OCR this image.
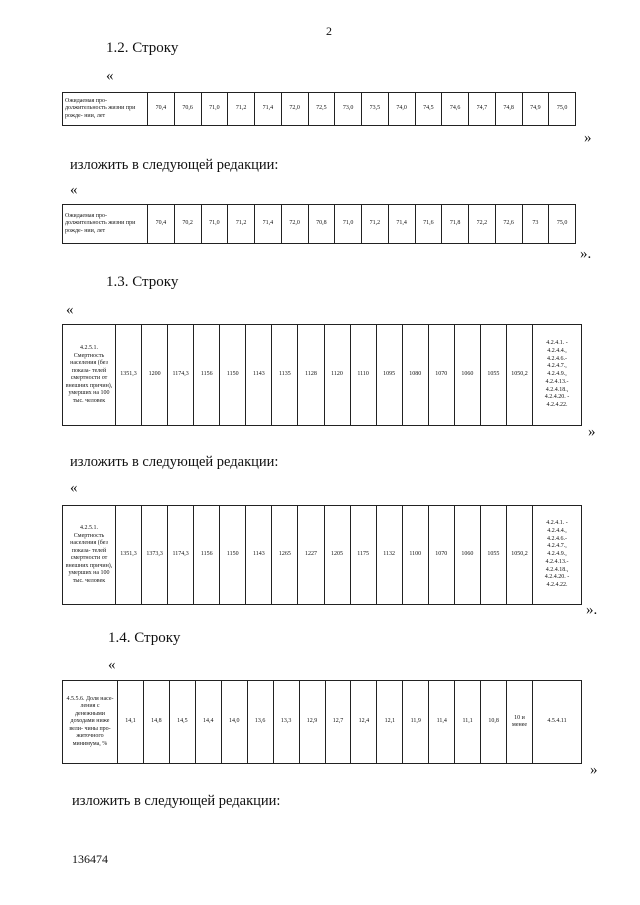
2
1.2. Строку
«
Ожидаемая про- должительность жизни при рожде- нии, лет	70,4	70,6	71,0	71,2	71,4	72,0	72,5	73,0	73,5	74,0	74,5	74,6	74,7	74,8	74,9	75,0
»
изложить в следующей редакции:
«
Ожидаемая про- должительность жизни при рожде- нии, лет	70,4	70,2	71,0	71,2	71,4	72,0	70,8	71,0	71,2	71,4	71,6	71,8	72,2	72,6	73	75,0
».
1.3. Строку
«
4.2.5.1. Смертность населения (без показа- телей смертности от внешних причин), умерших на 100 тыс. человек	1351,3	1200	1174,3	1156	1150	1143	1135	1128	1120	1110	1095	1080	1070	1060	1055	1050,2	
4.2.4.1. -
4.2.4.4.,
4.2.4.6.-
4.2.4.7.,
4.2.4.9.,
4.2.4.13.-
4.2.4.18.,
4.2.4.20. -
4.2.4.22.
»
изложить в следующей редакции:
«
4.2.5.1. Смертность населения (без показа- телей смертности от внешних причин), умерших на 100 тыс. человек	1351,3	1373,3	1174,3	1156	1150	1143	1265	1227	1205	1175	1132	1100	1070	1060	1055	1050,2	
4.2.4.1. -
4.2.4.4.,
4.2.4.6.-
4.2.4.7.,
4.2.4.9.,
4.2.4.13.-
4.2.4.18.,
4.2.4.20. -
4.2.4.22.
».
1.4. Строку
«
4.5.5.6. Доля насе- ления с денежными доходами ниже вели- чины про- житочного минимума, %	14,1	14,8	14,5	14,4	14,0	13,6	13,3	12,9	12,7	12,4	12,1	11,9	11,4	11,1	10,8	10 и менее	4.5.4.11
»
изложить в следующей редакции:
136474
